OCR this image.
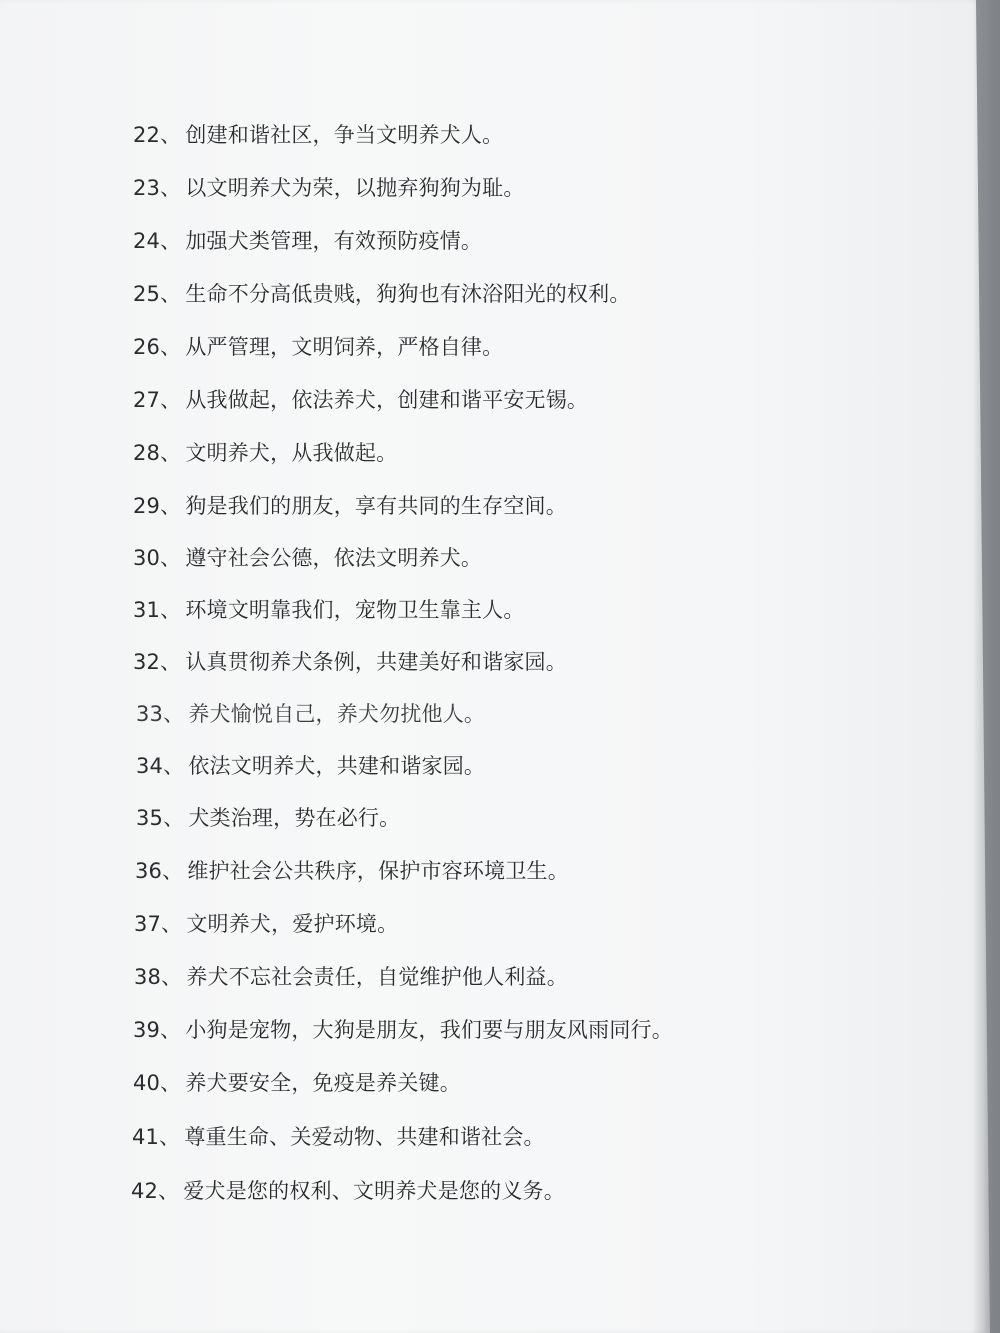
22、 创建和谐社区，争当文明养犬人。
23、 以文明养犬为荣，以抛弃狗狗为耻。
24、 加强犬类管理，有效预防疫情。
25、 生命不分高低贵贱，狗狗也有沐浴阳光的权利。
26、 从严管理，文明饲养，严格自律。
27、 从我做起，依法养犬，创建和谐平安无锡。
28、 文明养犬，从我做起。
29、 狗是我们的朋友，享有共同的生存空间。
30、 遵守社会公德，依法文明养犬。
31、 环境文明靠我们，宠物卫生靠主人。
32、 认真贯彻养犬条例，共建美好和谐家园。
33、 养犬愉悦自己，养犬勿扰他人。
34、 依法文明养犬，共建和谐家园。
35、 犬类治理，势在必行。
36、 维护社会公共秩序，保护市容环境卫生。
37、 文明养犬，爱护环境。
38、 养犬不忘社会责任，自觉维护他人利益。
39、 小狗是宠物，大狗是朋友，我们要与朋友风雨同行。
40、 养犬要安全，免疫是养关键。
41、 尊重生命、关爱动物、共建和谐社会。
42、 爱犬是您的权利、文明养犬是您的义务。
